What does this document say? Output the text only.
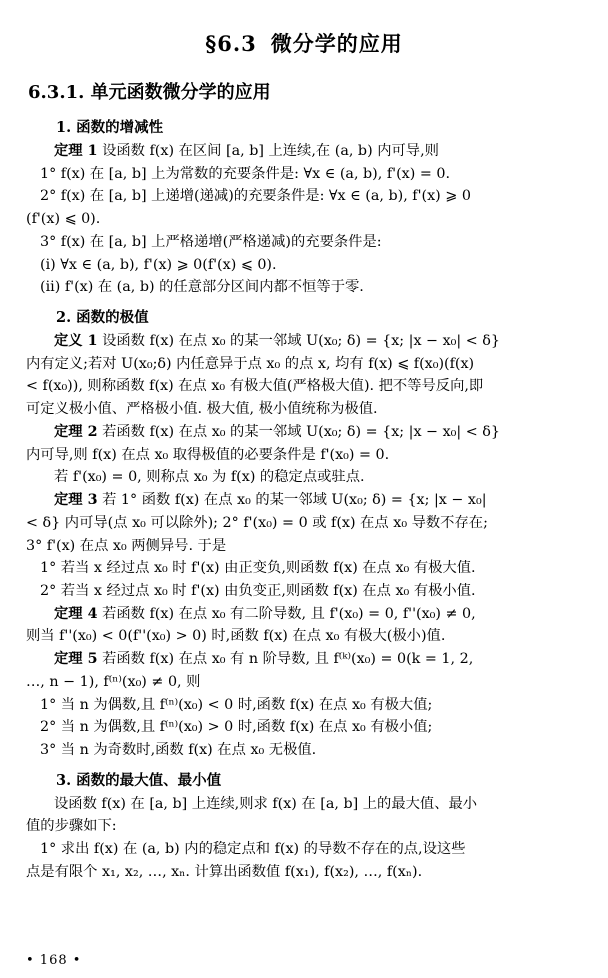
§6.3 微分学的应用
6.3.1. 单元函数微分学的应用
1. 函数的增减性

定理 1 设函数 f(x) 在区间 [a, b] 上连续,在 (a, b) 内可导,则

1° f(x) 在 [a, b] 上为常数的充要条件是: ∀x ∈ (a, b), f'(x) = 0.

2° f(x) 在 [a, b] 上递增(递减)的充要条件是: ∀x ∈ (a, b), f'(x) ⩾ 0

(f'(x) ⩽ 0).

3° f(x) 在 [a, b] 上严格递增(严格递减)的充要条件是:

(i) ∀x ∈ (a, b), f'(x) ⩾ 0(f'(x) ⩽ 0).

(ii) f'(x) 在 (a, b) 的任意部分区间内都不恒等于零.

2. 函数的极值

定义 1 设函数 f(x) 在点 x₀ 的某一邻域 U(x₀; δ) = {x; |x − x₀| < δ}

内有定义;若对 U(x₀;δ) 内任意异于点 x₀ 的点 x, 均有 f(x) ⩽ f(x₀)(f(x)

< f(x₀)), 则称函数 f(x) 在点 x₀ 有极大值(严格极大值). 把不等号反向,即

可定义极小值、严格极小值. 极大值, 极小值统称为极值.

定理 2 若函数 f(x) 在点 x₀ 的某一邻域 U(x₀; δ) = {x; |x − x₀| < δ}

内可导,则 f(x) 在点 x₀ 取得极值的必要条件是 f'(x₀) = 0.

若 f'(x₀) = 0, 则称点 x₀ 为 f(x) 的稳定点或驻点.

定理 3 若 1° 函数 f(x) 在点 x₀ 的某一邻域 U(x₀; δ) = {x; |x − x₀|

< δ} 内可导(点 x₀ 可以除外); 2° f'(x₀) = 0 或 f(x) 在点 x₀ 导数不存在;

3° f'(x) 在点 x₀ 两侧异号. 于是

1° 若当 x 经过点 x₀ 时 f'(x) 由正变负,则函数 f(x) 在点 x₀ 有极大值.

2° 若当 x 经过点 x₀ 时 f'(x) 由负变正,则函数 f(x) 在点 x₀ 有极小值.

定理 4 若函数 f(x) 在点 x₀ 有二阶导数, 且 f'(x₀) = 0, f''(x₀) ≠ 0,

则当 f''(x₀) < 0(f''(x₀) > 0) 时,函数 f(x) 在点 x₀ 有极大(极小)值.

定理 5 若函数 f(x) 在点 x₀ 有 n 阶导数, 且 f⁽ᵏ⁾(x₀) = 0(k = 1, 2,

…, n − 1), f⁽ⁿ⁾(x₀) ≠ 0, 则

1° 当 n 为偶数,且 f⁽ⁿ⁾(x₀) < 0 时,函数 f(x) 在点 x₀ 有极大值;

2° 当 n 为偶数,且 f⁽ⁿ⁾(x₀) > 0 时,函数 f(x) 在点 x₀ 有极小值;

3° 当 n 为奇数时,函数 f(x) 在点 x₀ 无极值.

3. 函数的最大值、最小值

设函数 f(x) 在 [a, b] 上连续,则求 f(x) 在 [a, b] 上的最大值、最小

值的步骤如下:

1° 求出 f(x) 在 (a, b) 内的稳定点和 f(x) 的导数不存在的点,设这些

点是有限个 x₁, x₂, …, xₙ. 计算出函数值 f(x₁), f(x₂), …, f(xₙ).

• 168 •
